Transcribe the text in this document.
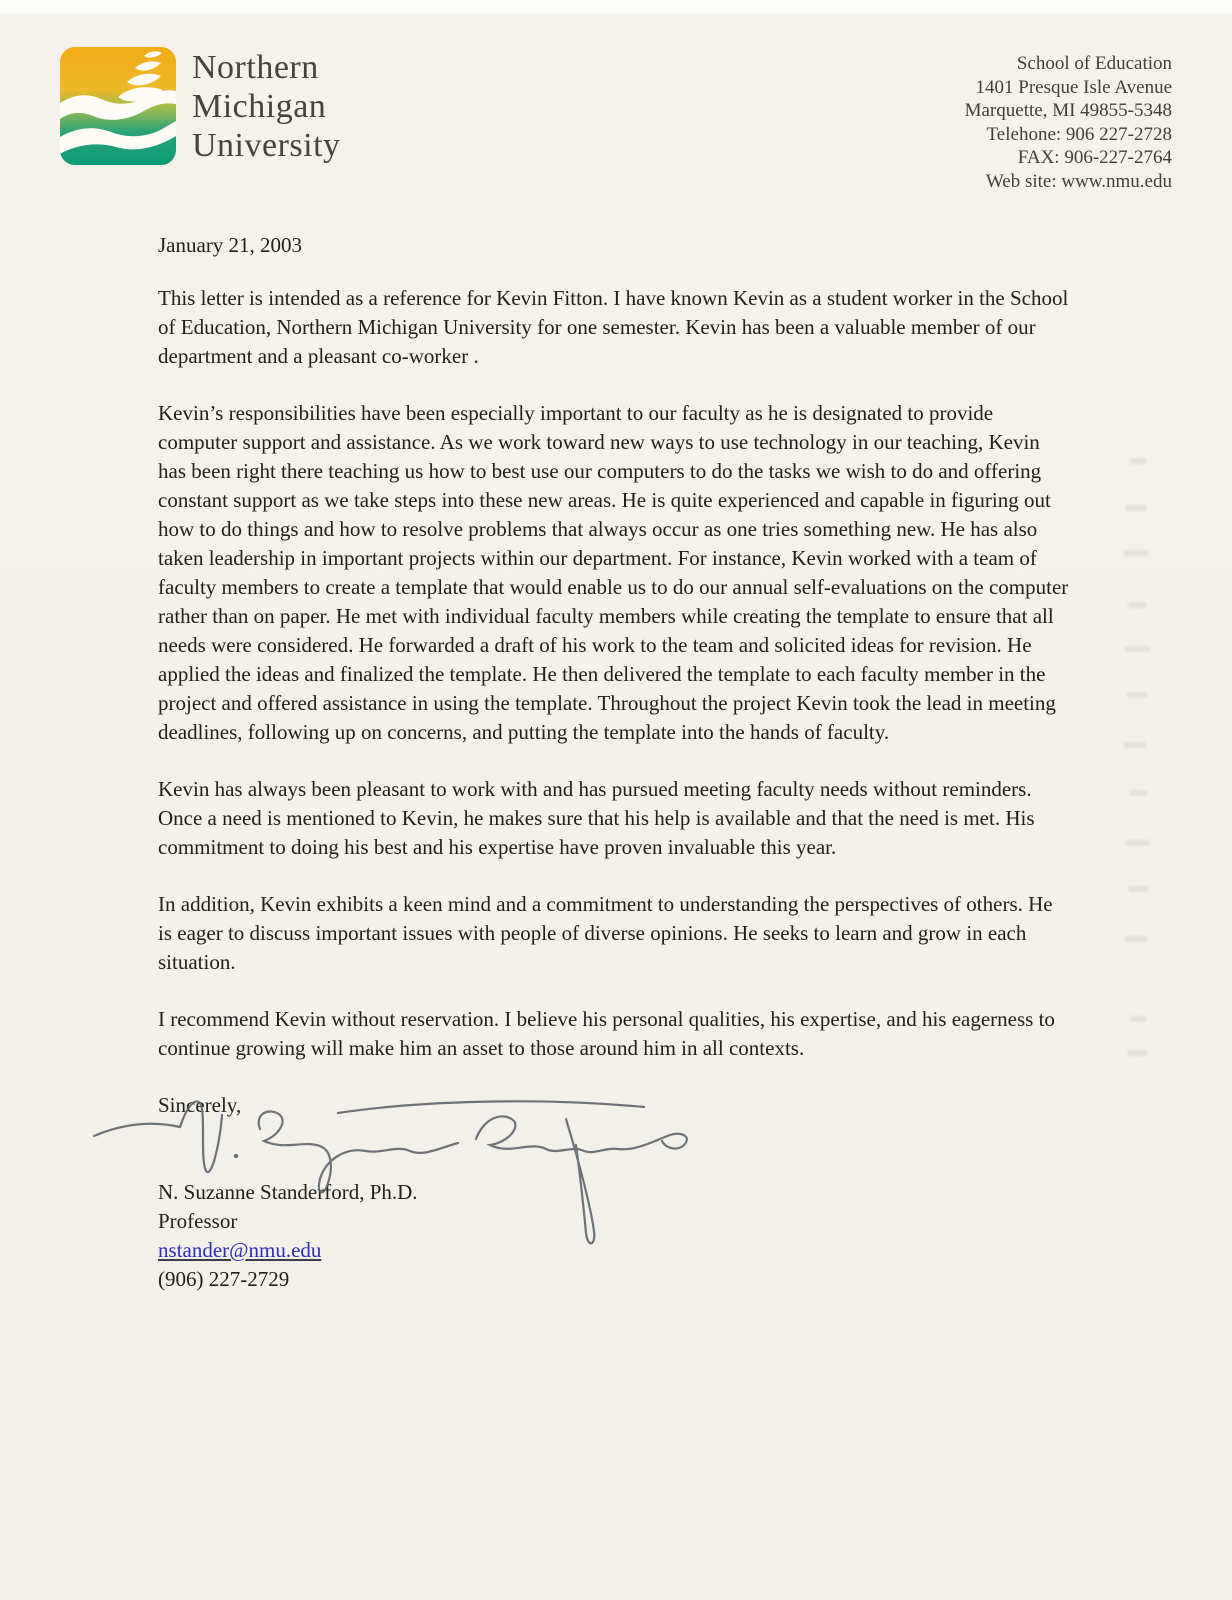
Northern
Michigan
University
School of Education
1401 Presque Isle Avenue
Marquette, MI 49855-5348
Telehone: 906 227-2728
FAX: 906-227-2764
Web site: www.nmu.edu

January 21, 2003

This letter is intended as a reference for Kevin Fitton. I have known Kevin as a student worker in the School of Education, Northern Michigan University for one semester. Kevin has been a valuable member of our department and a pleasant co-worker .

Kevin’s responsibilities have been especially important to our faculty as he is designated to provide computer support and assistance. As we work toward new ways to use technology in our teaching, Kevin has been right there teaching us how to best use our computers to do the tasks we wish to do and offering constant support as we take steps into these new areas. He is quite experienced and capable in figuring out how to do things and how to resolve problems that always occur as one tries something new. He has also taken leadership in important projects within our department. For instance, Kevin worked with a team of faculty members to create a template that would enable us to do our annual self-evaluations on the computer rather than on paper. He met with individual faculty members while creating the template to ensure that all needs were considered. He forwarded a draft of his work to the team and solicited ideas for revision. He applied the ideas and finalized the template. He then delivered the template to each faculty member in the project and offered assistance in using the template. Throughout the project Kevin took the lead in meeting deadlines, following up on concerns, and putting the template into the hands of faculty.

Kevin has always been pleasant to work with and has pursued meeting faculty needs without reminders. Once a need is mentioned to Kevin, he makes sure that his help is available and that the need is met. His commitment to doing his best and his expertise have proven invaluable this year.

In addition, Kevin exhibits a keen mind and a commitment to understanding the perspectives of others. He is eager to discuss important issues with people of diverse opinions. He seeks to learn and grow in each situation.

I recommend Kevin without reservation. I believe his personal qualities, his expertise, and his eagerness to continue growing will make him an asset to those around him in all contexts.

Sincerely,

N. Suzanne Standerford, Ph.D.
Professor
nstander@nmu.edu
(906) 227-2729
